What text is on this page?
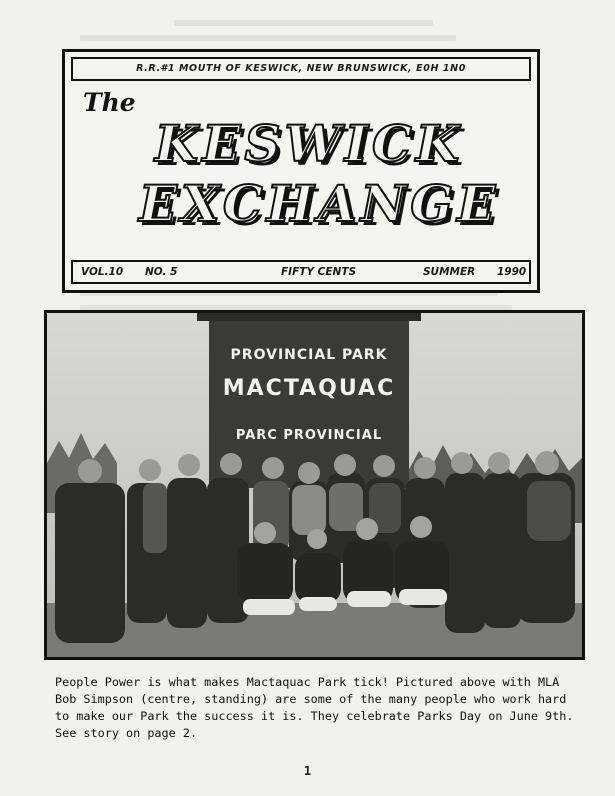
R.R.#1 MOUTH OF KESWICK, NEW BRUNSWICK, E0H 1N0
The
KESWICK
EXCHANGE
VOL.10 NO. 5	FIFTY CENTS	SUMMER 1990
PROVINCIAL PARK
MACTAQUAC
PARC PROVINCIAL

People Power is what makes Mactaquac Park tick! Pictured above with MLA Bob Simpson (centre, standing) are some of the many people who work hard to make our Park the success it is. They celebrate Parks Day on June 9th. See story on page 2.

1
